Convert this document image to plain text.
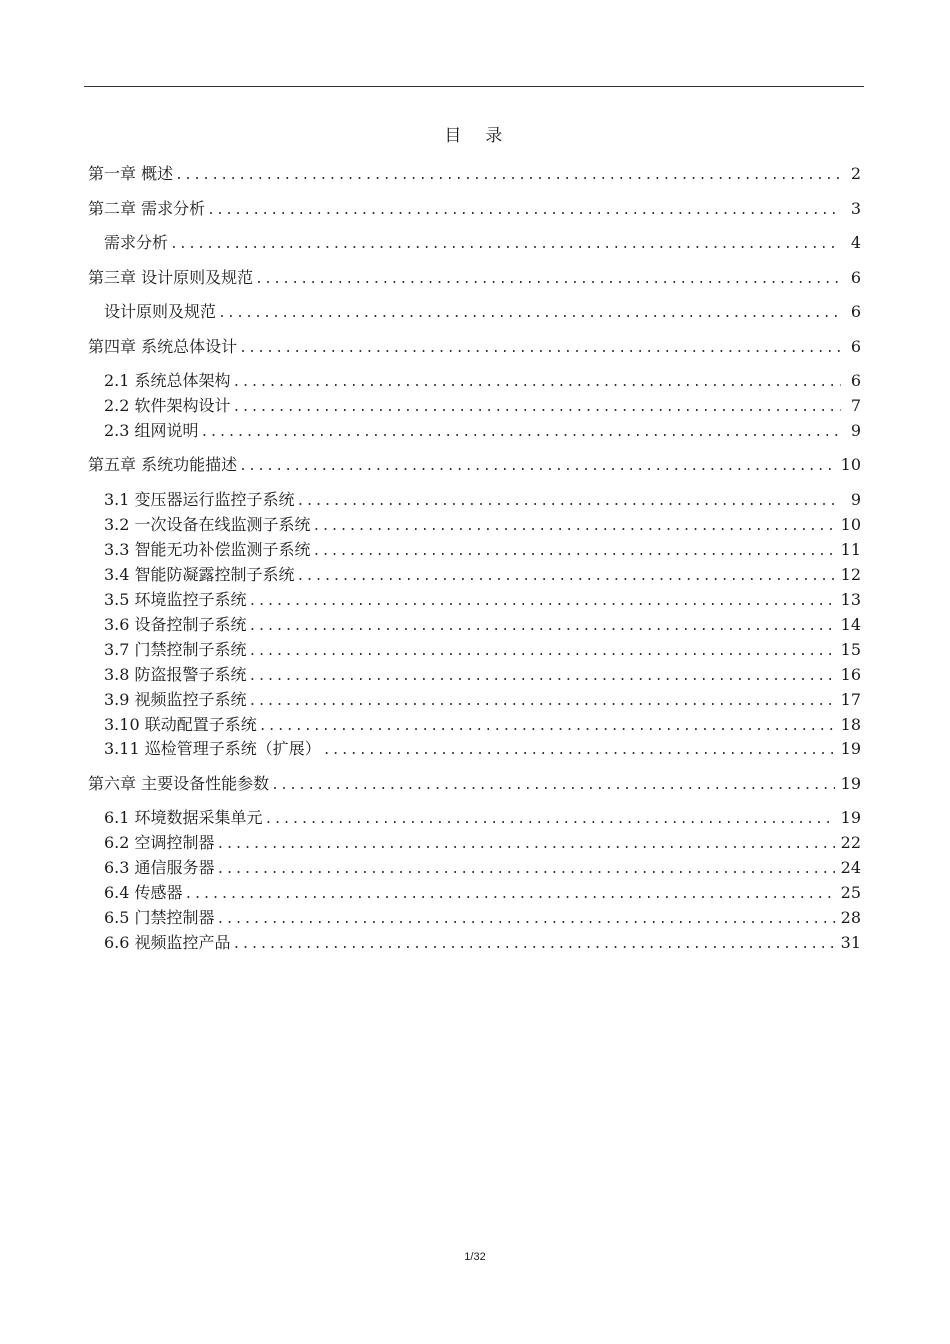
目　录
第一章 概述 .....	2
第二章 需求分析 .....	3
需求分析 .....	4
第三章 设计原则及规范 .....	6
设计原则及规范 .....	6
第四章 系统总体设计 .....	6
2.1 系统总体架构 .....	6
2.2 软件架构设计 .....	7
2.3 组网说明 .....	9
第五章 系统功能描述 .....	10
3.1 变压器运行监控子系统 .....	9
3.2 一次设备在线监测子系统 .....	10
3.3 智能无功补偿监测子系统 .....	11
3.4 智能防凝露控制子系统 .....	12
3.5 环境监控子系统 .....	13
3.6 设备控制子系统 .....	14
3.7 门禁控制子系统 .....	15
3.8 防盗报警子系统 .....	16
3.9 视频监控子系统 .....	17
3.10 联动配置子系统 .....	18
3.11 巡检管理子系统（扩展） .....	19
第六章 主要设备性能参数 .....	19
6.1 环境数据采集单元 .....	19
6.2 空调控制器 .....	22
6.3 通信服务器 .....	24
6.4 传感器 .....	25
6.5 门禁控制器 .....	28
6.6 视频监控产品 .....	31
1/32
